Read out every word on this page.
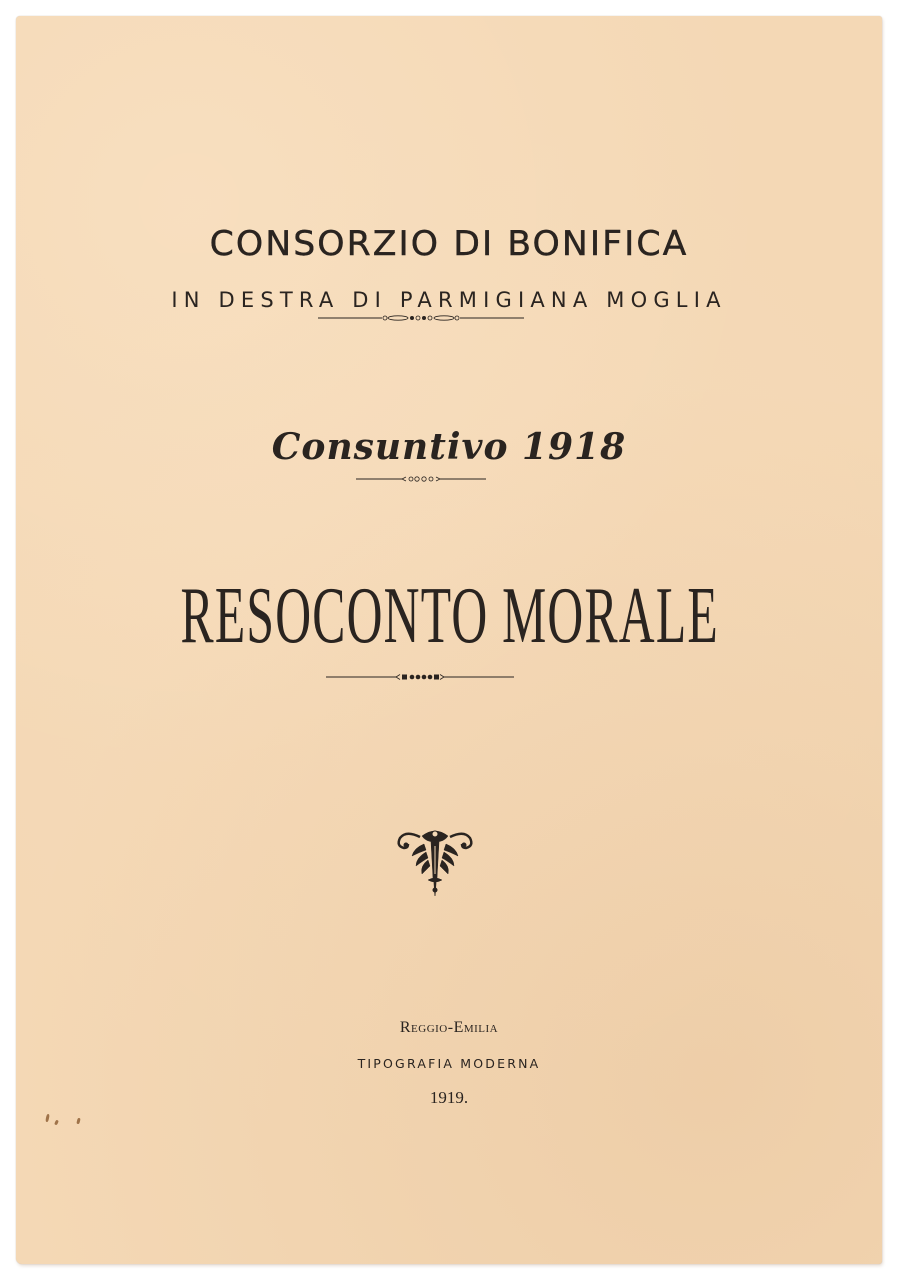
CONSORZIO DI BONIFICA
IN DESTRA DI PARMIGIANA MOGLIA
Consuntivo 1918
RESOCONTO MORALE
Reggio-Emilia
TIPOGRAFIA MODERNA
1919.
